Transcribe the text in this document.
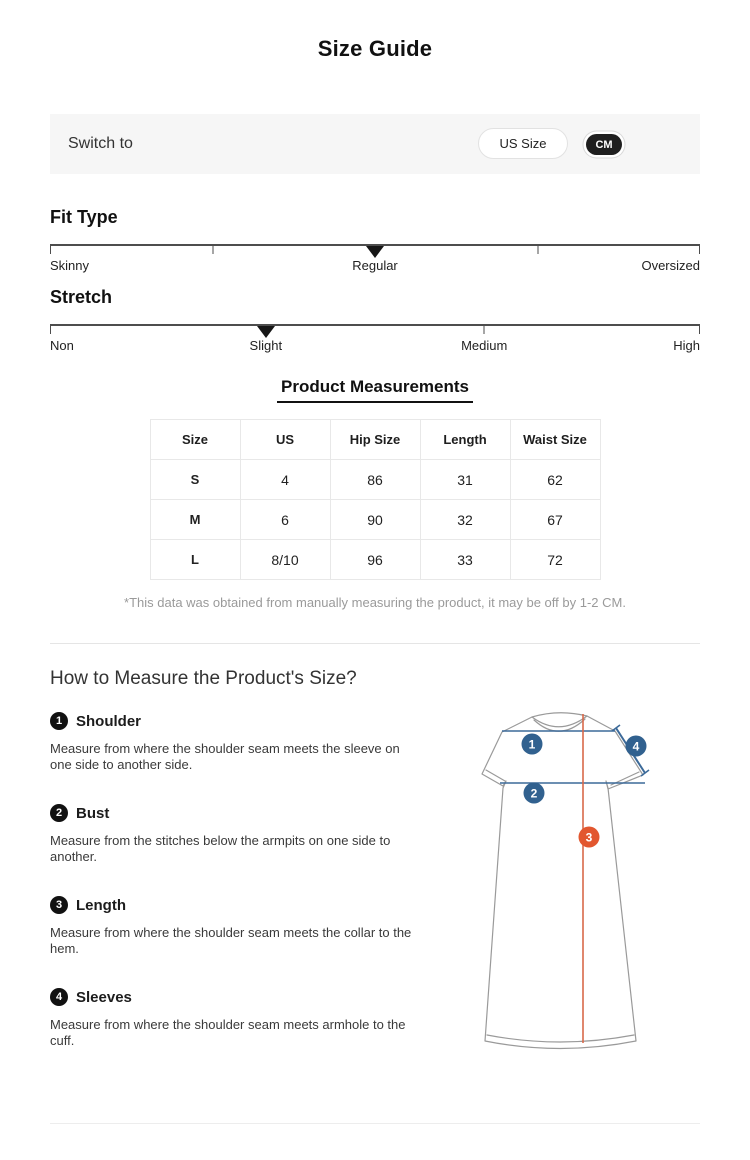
Size Guide
Switch to	US Size	CM
Fit Type
Skinny	Regular	Oversized
Stretch
Non	Slight	Medium	High
Product Measurements
Size	US	Hip Size	Length	Waist Size
S	4	86	31	62
M	6	90	32	67
L	8/10	96	33	72

*This data was obtained from manually measuring the product, it may be off by 1-2 CM.

How to Measure the Product's Size?
1 Shoulder

Measure from where the shoulder seam meets the sleeve on one side to another side.

2 Bust

Measure from the stitches below the armpits on one side to another.

3 Length

Measure from where the shoulder seam meets the collar to the hem.

4 Sleeves

Measure from where the shoulder seam meets armhole to the cuff.

1
2
3
4
